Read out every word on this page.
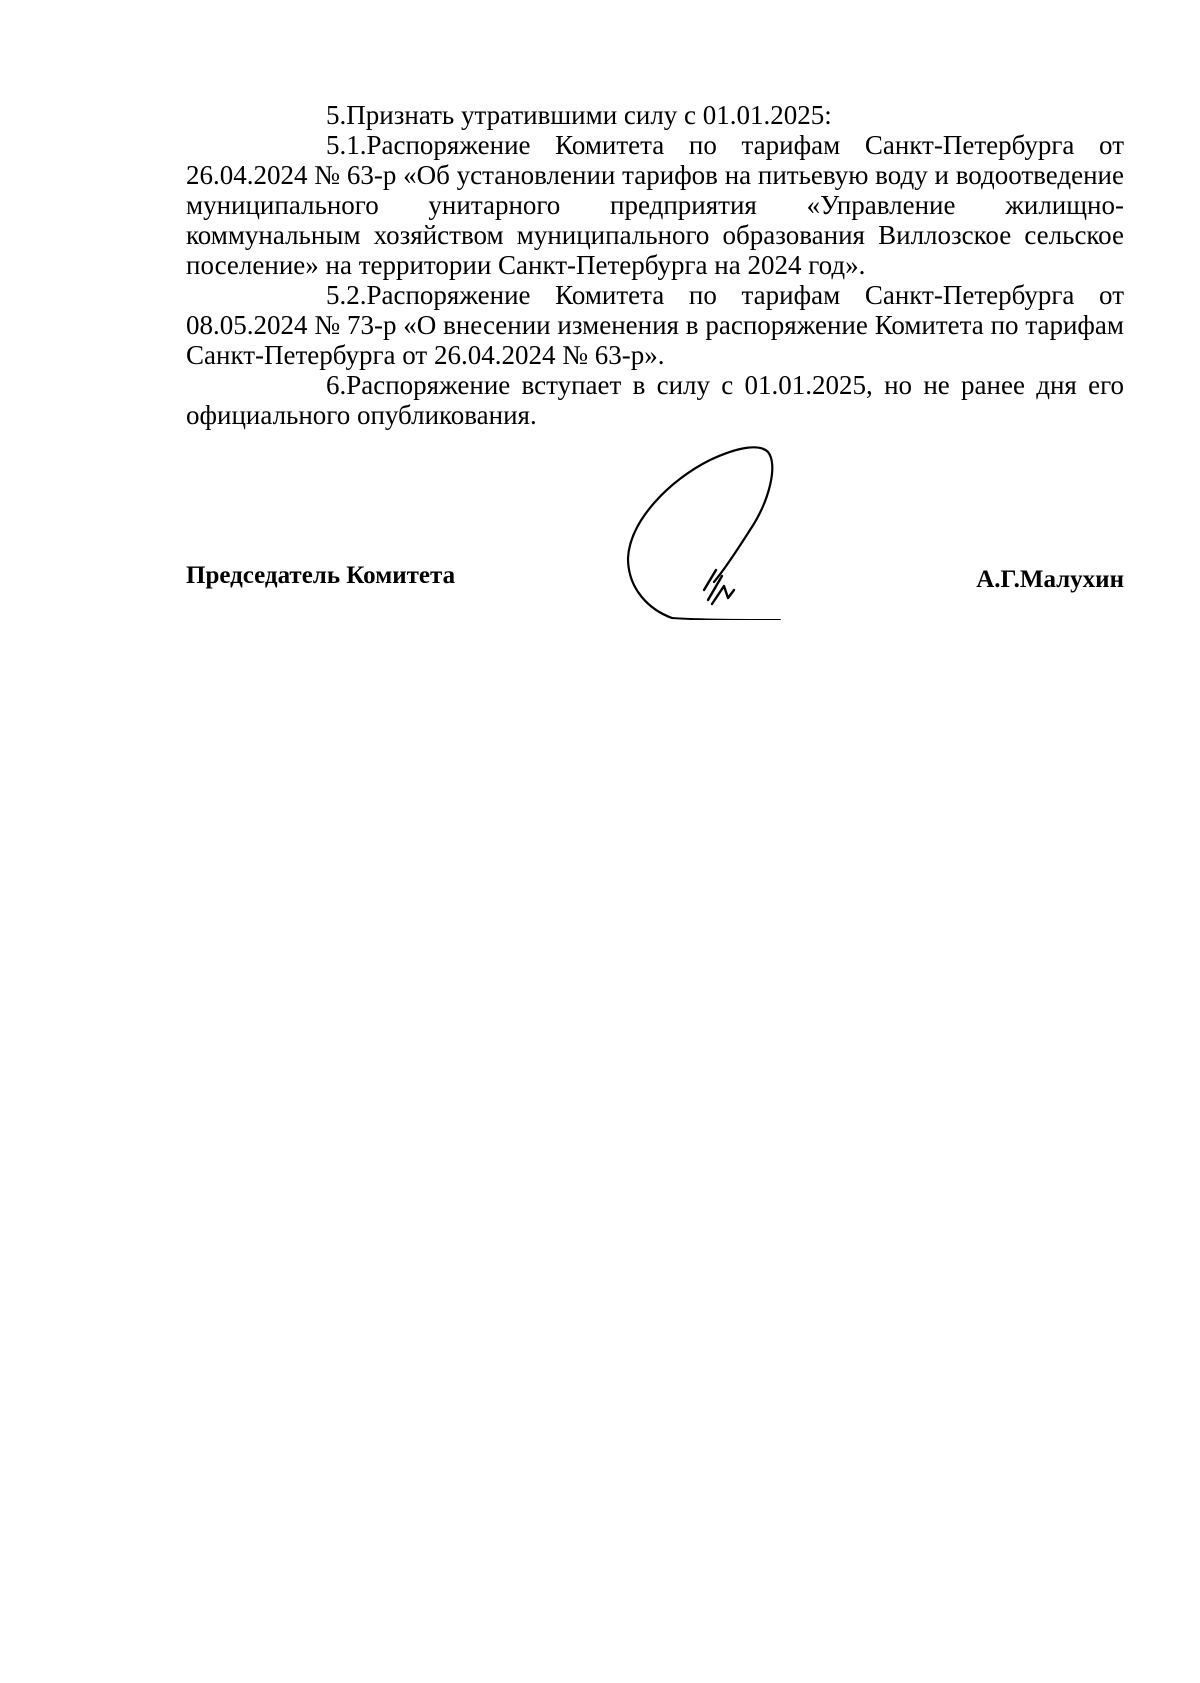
5.Признать утратившими силу с 01.01.2025:

5.1.Распоряжение Комитета по тарифам Санкт-Петербурга от 26.04.2024 № 63-р «Об установлении тарифов на питьевую воду и водоотведение муниципального унитарного предприятия «Управление жилищно-коммунальным хозяйством муниципального образования Виллозское сельское поселение» на территории Санкт-Петербурга на 2024 год».

5.2.Распоряжение Комитета по тарифам Санкт-Петербурга от 08.05.2024 № 73-р «О внесении изменения в распоряжение Комитета по тарифам Санкт-Петербурга от 26.04.2024 № 63-р».

6.Распоряжение вступает в силу с 01.01.2025, но не ранее дня его официального опубликования.

Председатель Комитета	А.Г.Малухин
